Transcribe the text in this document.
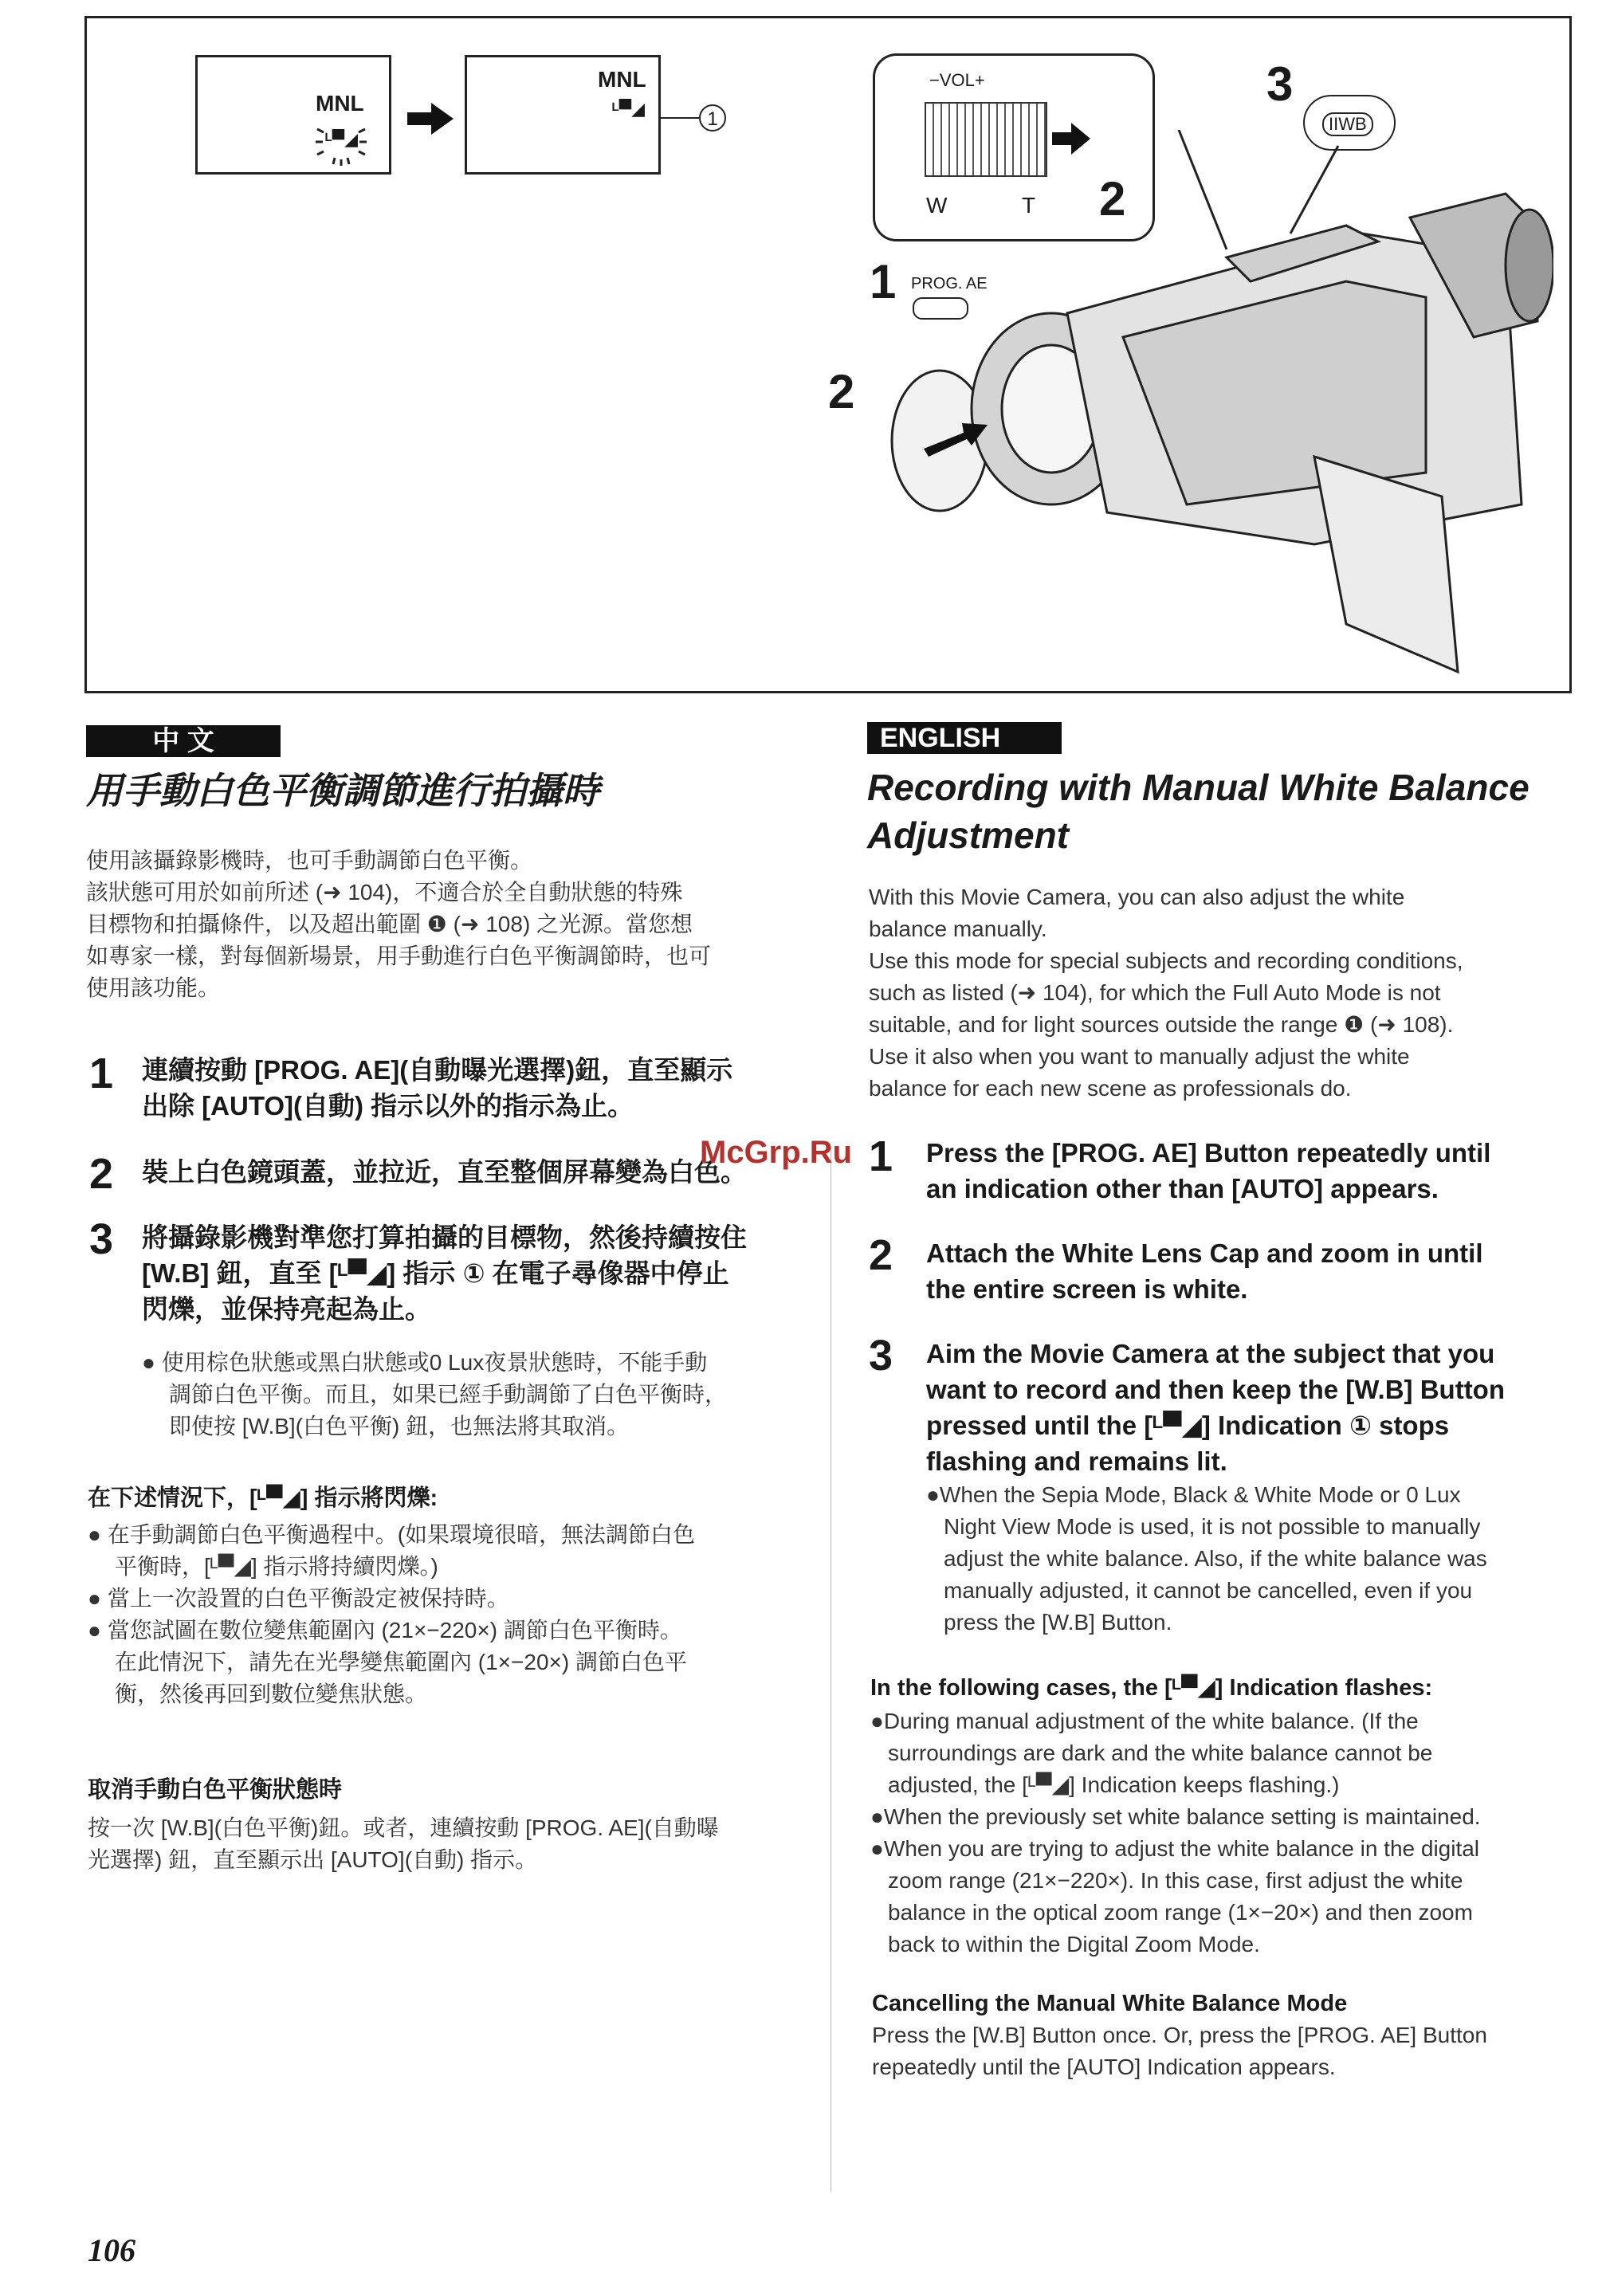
MNL
ᴸ▀◢
MNL
ᴸ▀◢	1
−VOL+
W	T
3
2
1
2
IIWB
PROG. AE
中 文
用手動白色平衡調節進行拍攝時
使用該攝錄影機時，也可手動調節白色平衡。
該狀態可用於如前所述 (➜ 104)，不適合於全自動狀態的特殊
目標物和拍攝條件，以及超出範圍 ❶ (➜ 108) 之光源。當您想
如專家一樣，對每個新場景，用手動進行白色平衡調節時，也可
使用該功能。
1 連續按動 [PROG. AE](自動曝光選擇)鈕，直至顯示
出除 [AUTO](自動) 指示以外的指示為止。
2 裝上白色鏡頭蓋，並拉近，直至整個屏幕變為白色。
3 將攝錄影機對準您打算拍攝的目標物，然後持續按住
[W.B] 鈕，直至 [ᴸ▀◢] 指示 ① 在電子尋像器中停止
閃爍，並保持亮起為止。
● 使用棕色狀態或黑白狀態或0 Lux夜景狀態時，不能手動
調節白色平衡。而且，如果已經手動調節了白色平衡時，
即使按 [W.B](白色平衡) 鈕，也無法將其取消。
在下述情況下，[ᴸ▀◢] 指示將閃爍:
● 在手動調節白色平衡過程中。(如果環境很暗，無法調節白色
平衡時，[ᴸ▀◢] 指示將持續閃爍。)
● 當上一次設置的白色平衡設定被保持時。
● 當您試圖在數位變焦範圍內 (21×−220×) 調節白色平衡時。
在此情況下，請先在光學變焦範圍內 (1×−20×) 調節白色平
衡，然後再回到數位變焦狀態。
取消手動白色平衡狀態時
按一次 [W.B](白色平衡)鈕。或者，連續按動 [PROG. AE](自動曝
光選擇) 鈕，直至顯示出 [AUTO](自動) 指示。
ENGLISH
Recording with Manual White Balance
Adjustment
With this Movie Camera, you can also adjust the white
balance manually.
Use this mode for special subjects and recording conditions,
such as listed (➜ 104), for which the Full Auto Mode is not
suitable, and for light sources outside the range ❶ (➜ 108).
Use it also when you want to manually adjust the white
balance for each new scene as professionals do.
1 Press the [PROG. AE] Button repeatedly until
an indication other than [AUTO] appears.
2 Attach the White Lens Cap and zoom in until
the entire screen is white.
3 Aim the Movie Camera at the subject that you
want to record and then keep the [W.B] Button
pressed until the [ᴸ▀◢] Indication ① stops
flashing and remains lit.
●When the Sepia Mode, Black & White Mode or 0 Lux
Night View Mode is used, it is not possible to manually
adjust the white balance. Also, if the white balance was
manually adjusted, it cannot be cancelled, even if you
press the [W.B] Button.
In the following cases, the [ᴸ▀◢] Indication flashes:
●During manual adjustment of the white balance. (If the
surroundings are dark and the white balance cannot be
adjusted, the [ᴸ▀◢] Indication keeps flashing.)
●When the previously set white balance setting is maintained.
●When you are trying to adjust the white balance in the digital
zoom range (21×−220×). In this case, first adjust the white
balance in the optical zoom range (1×−20×) and then zoom
back to within the Digital Zoom Mode.
Cancelling the Manual White Balance Mode
Press the [W.B] Button once. Or, press the [PROG. AE] Button
repeatedly until the [AUTO] Indication appears.
McGrp.Ru
106
